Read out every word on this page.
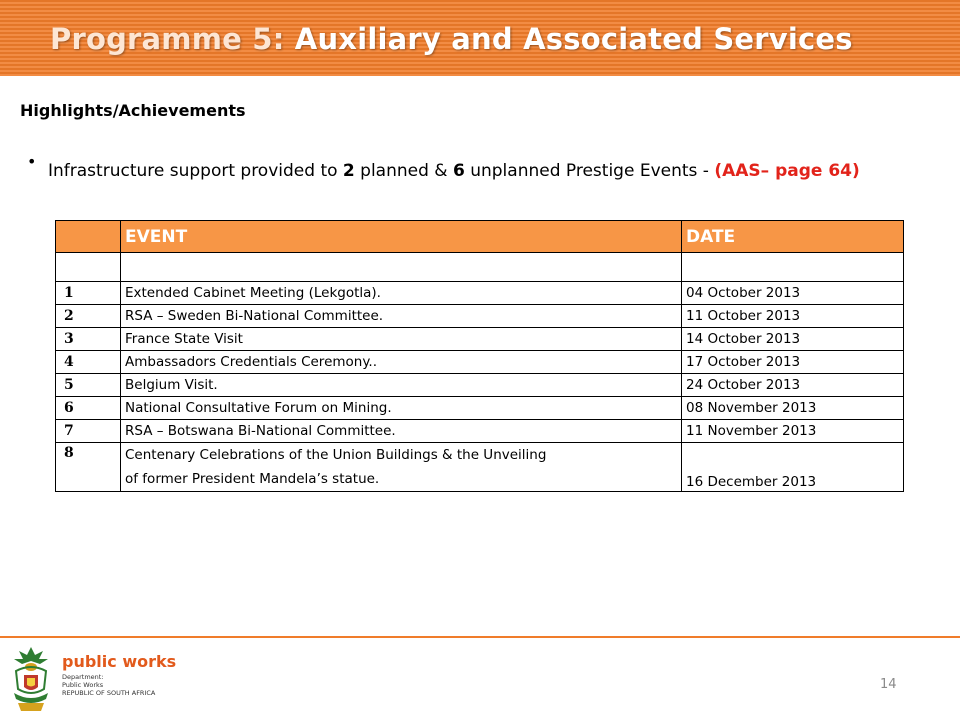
Programme 5: Auxiliary and Associated Services
Highlights/Achievements
• Infrastructure support provided to 2 planned & 6 unplanned Prestige Events - (AAS– page 64)
	EVENT	DATE

1	Extended Cabinet Meeting (Lekgotla).	04 October 2013
2	RSA – Sweden Bi-National Committee.	11 October 2013
3	France State Visit	14 October 2013
4	Ambassadors Credentials Ceremony..	17 October 2013
5	Belgium Visit.	24 October 2013
6	National Consultative Forum on Mining.	08 November 2013
7	RSA – Botswana Bi-National Committee.	11 November 2013
8	Centenary Celebrations of the Union Buildings & the Unveiling
of former President Mandela’s statue.	16 December 2013
public works
Department:
Public Works
REPUBLIC OF SOUTH AFRICA
14
